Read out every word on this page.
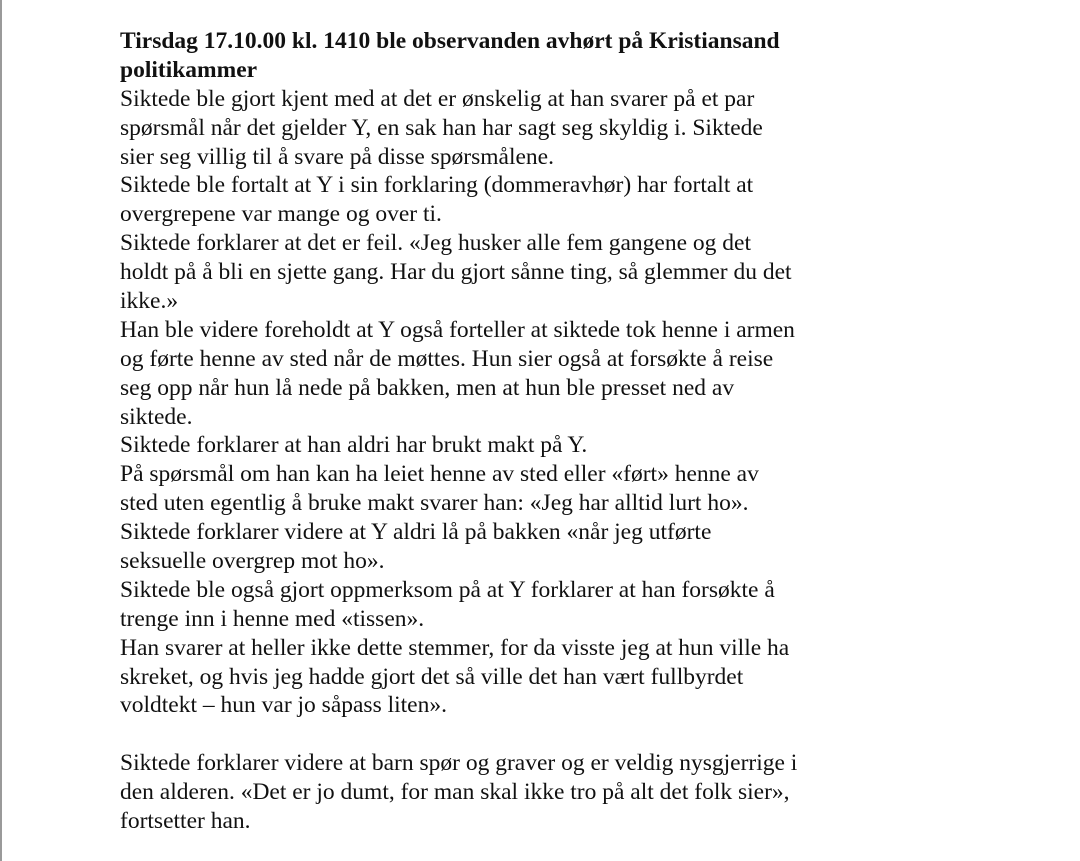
Tirsdag 17.10.00 kl. 1410 ble observanden avhørt på Kristiansand
politikammer
Siktede ble gjort kjent med at det er ønskelig at han svarer på et par
spørsmål når det gjelder Y, en sak han har sagt seg skyldig i. Siktede
sier seg villig til å svare på disse spørsmålene.
Siktede ble fortalt at Y i sin forklaring (dommeravhør) har fortalt at
overgrepene var mange og over ti.
Siktede forklarer at det er feil. «Jeg husker alle fem gangene og det
holdt på å bli en sjette gang. Har du gjort sånne ting, så glemmer du det
ikke.»
Han ble videre foreholdt at Y også forteller at siktede tok henne i armen
og førte henne av sted når de møttes. Hun sier også at forsøkte å reise
seg opp når hun lå nede på bakken, men at hun ble presset ned av
siktede.
Siktede forklarer at han aldri har brukt makt på Y.
På spørsmål om han kan ha leiet henne av sted eller «ført» henne av
sted uten egentlig å bruke makt svarer han: «Jeg har alltid lurt ho».
Siktede forklarer videre at Y aldri lå på bakken «når jeg utførte
seksuelle overgrep mot ho».
Siktede ble også gjort oppmerksom på at Y forklarer at han forsøkte å
trenge inn i henne med «tissen».
Han svarer at heller ikke dette stemmer, for da visste jeg at hun ville ha
skreket, og hvis jeg hadde gjort det så ville det han vært fullbyrdet
voldtekt – hun var jo såpass liten».
Siktede forklarer videre at barn spør og graver og er veldig nysgjerrige i
den alderen. «Det er jo dumt, for man skal ikke tro på alt det folk sier»,
fortsetter han.
